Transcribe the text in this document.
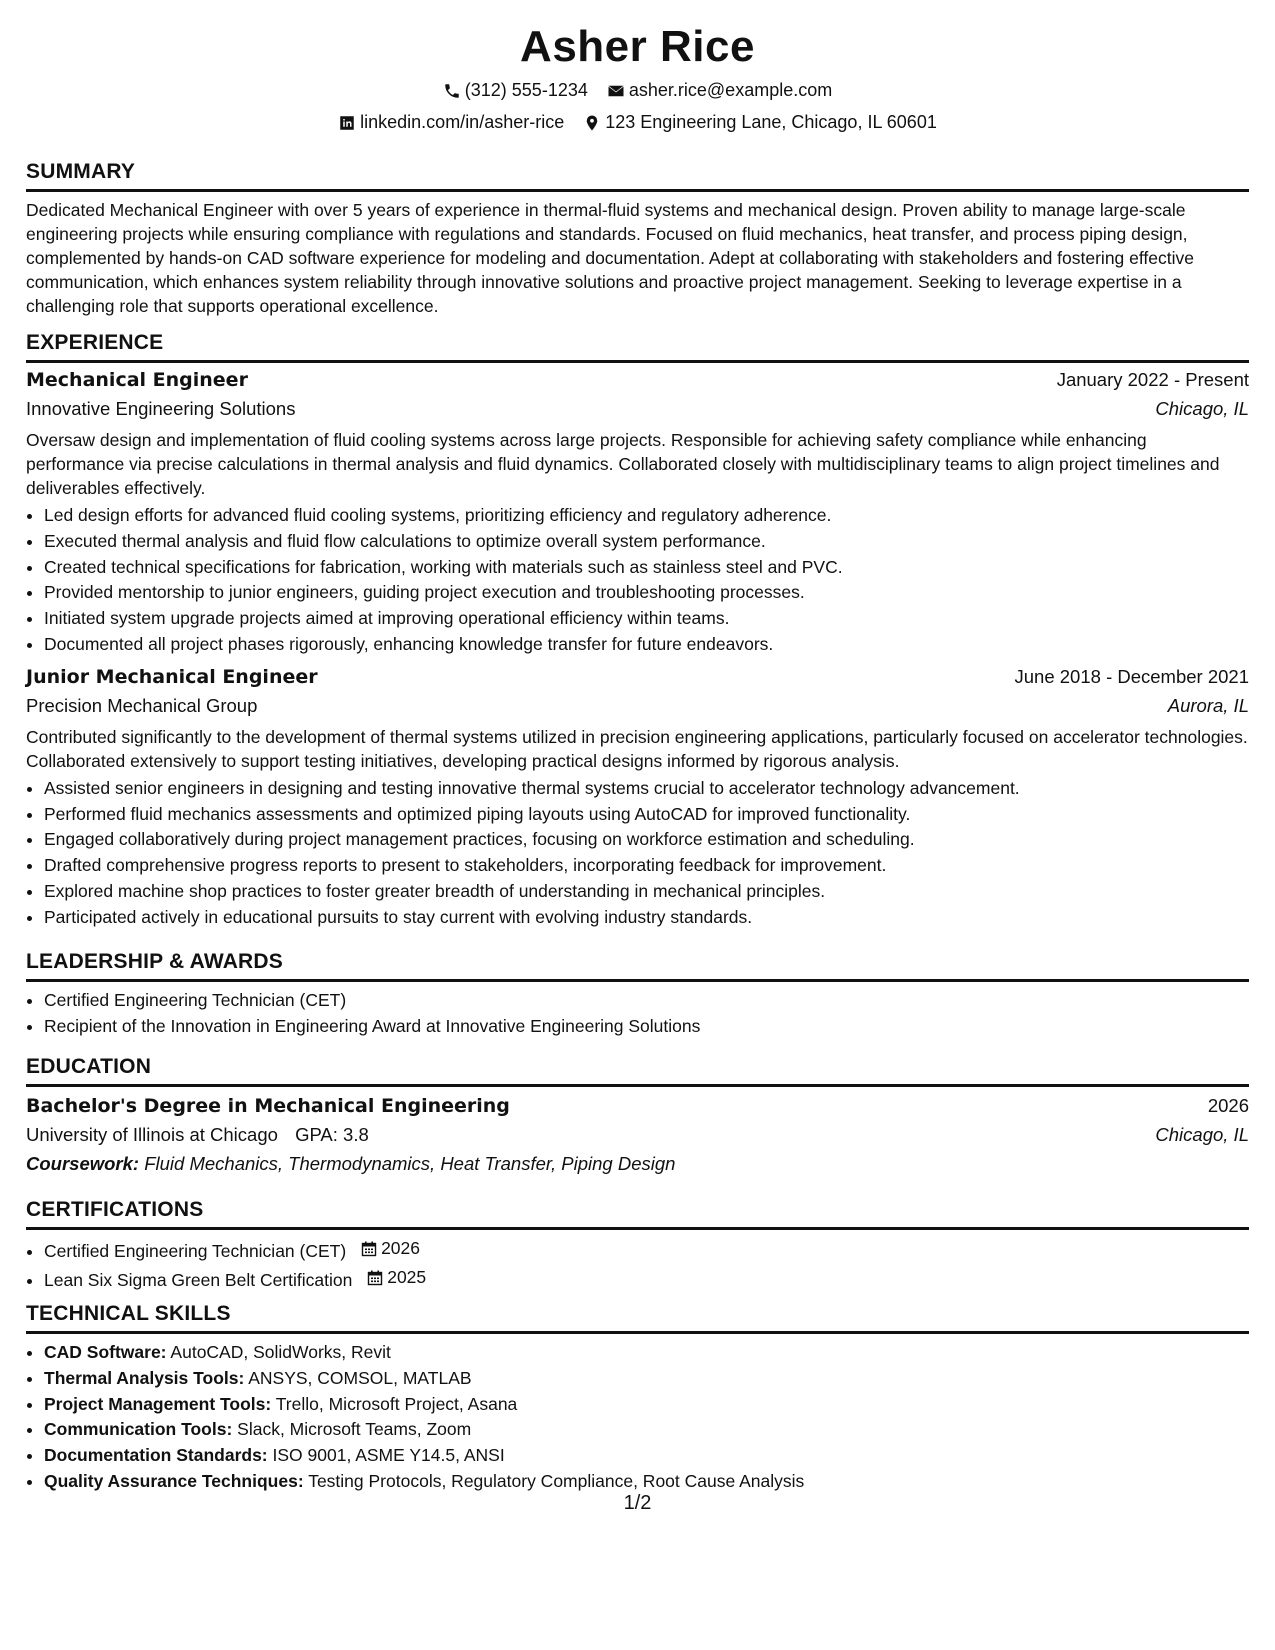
Asher Rice
(312) 555-1234
asher.rice@example.com
linkedin.com/in/asher-rice
123 Engineering Lane, Chicago, IL 60601
SUMMARY

Dedicated Mechanical Engineer with over 5 years of experience in thermal-fluid systems and mechanical design. Proven ability to manage large-scale engineering projects while ensuring compliance with regulations and standards. Focused on fluid mechanics, heat transfer, and process piping design, complemented by hands-on CAD software experience for modeling and documentation. Adept at collaborating with stakeholders and fostering effective communication, which enhances system reliability through innovative solutions and proactive project management. Seeking to leverage expertise in a challenging role that supports operational excellence.

EXPERIENCE
Mechanical Engineer	January 2022 - Present
Innovative Engineering Solutions	Chicago, IL

Oversaw design and implementation of fluid cooling systems across large projects. Responsible for achieving safety compliance while enhancing performance via precise calculations in thermal analysis and fluid dynamics. Collaborated closely with multidisciplinary teams to align project timelines and deliverables effectively.

• Led design efforts for advanced fluid cooling systems, prioritizing efficiency and regulatory adherence.
• Executed thermal analysis and fluid flow calculations to optimize overall system performance.
• Created technical specifications for fabrication, working with materials such as stainless steel and PVC.
• Provided mentorship to junior engineers, guiding project execution and troubleshooting processes.
• Initiated system upgrade projects aimed at improving operational efficiency within teams.
• Documented all project phases rigorously, enhancing knowledge transfer for future endeavors.
Junior Mechanical Engineer	June 2018 - December 2021
Precision Mechanical Group	Aurora, IL

Contributed significantly to the development of thermal systems utilized in precision engineering applications, particularly focused on accelerator technologies. Collaborated extensively to support testing initiatives, developing practical designs informed by rigorous analysis.

• Assisted senior engineers in designing and testing innovative thermal systems crucial to accelerator technology advancement.
• Performed fluid mechanics assessments and optimized piping layouts using AutoCAD for improved functionality.
• Engaged collaboratively during project management practices, focusing on workforce estimation and scheduling.
• Drafted comprehensive progress reports to present to stakeholders, incorporating feedback for improvement.
• Explored machine shop practices to foster greater breadth of understanding in mechanical principles.
• Participated actively in educational pursuits to stay current with evolving industry standards.
LEADERSHIP & AWARDS
• Certified Engineering Technician (CET)
• Recipient of the Innovation in Engineering Award at Innovative Engineering Solutions
EDUCATION
Bachelor's Degree in Mechanical Engineering	2026
University of Illinois at Chicago GPA: 3.8	Chicago, IL
Coursework: Fluid Mechanics, Thermodynamics, Heat Transfer, Piping Design
CERTIFICATIONS
• Certified Engineering Technician (CET) 2026
• Lean Six Sigma Green Belt Certification 2025
TECHNICAL SKILLS
• CAD Software: AutoCAD, SolidWorks, Revit
• Thermal Analysis Tools: ANSYS, COMSOL, MATLAB
• Project Management Tools: Trello, Microsoft Project, Asana
• Communication Tools: Slack, Microsoft Teams, Zoom
• Documentation Standards: ISO 9001, ASME Y14.5, ANSI
• Quality Assurance Techniques: Testing Protocols, Regulatory Compliance, Root Cause Analysis
1/2
